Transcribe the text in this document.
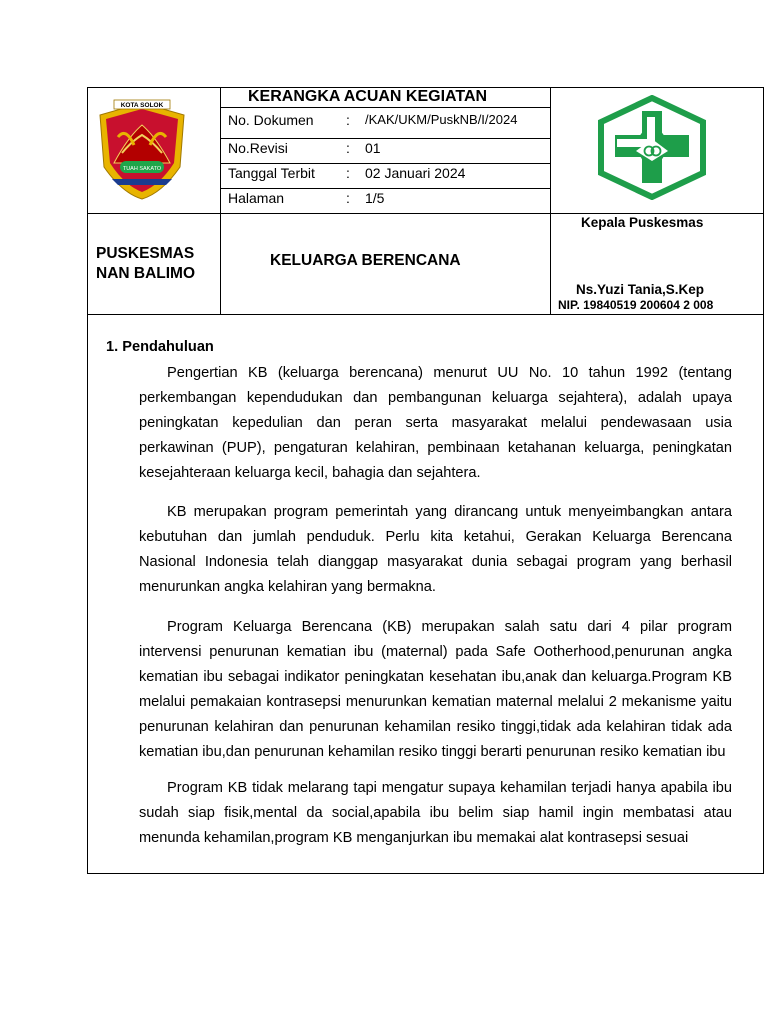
TUAH SAKATO
KOTA SOLOK
KERANGKA ACUAN KEGIATAN
No. Dokumen : /KAK/UKM/PuskNB/I/2024
No.Revisi	: 01
Tanggal Terbit : 02 Januari 2024
Halaman	: 1/5
PUSKESMAS
NAN BALIMO
KELUARGA BERENCANA
Kepala Puskesmas
Ns.Yuzi Tania,S.Kep
NIP. 19840519 200604 2 008
1. Pendahuluan

Pengertian KB (keluarga berencana) menurut UU No. 10 tahun 1992 (tentang perkembangan kependudukan dan pembangunan keluarga sejahtera), adalah upaya peningkatan kepedulian dan peran serta masyarakat melalui pendewasaan usia perkawinan (PUP), pengaturan kelahiran, pembinaan ketahanan keluarga, peningkatan kesejahteraan keluarga kecil, bahagia dan sejahtera.

KB merupakan program pemerintah yang dirancang untuk menyeimbangkan antara kebutuhan dan jumlah penduduk. Perlu kita ketahui, Gerakan Keluarga Berencana Nasional Indonesia telah dianggap masyarakat dunia sebagai program yang berhasil menurunkan angka kelahiran yang bermakna.

Program Keluarga Berencana (KB) merupakan salah satu dari 4 pilar program intervensi penurunan kematian ibu (maternal) pada Safe Ootherhood,penurunan angka kematian ibu sebagai indikator peningkatan kesehatan ibu,anak dan keluarga.Program KB melalui pemakaian kontrasepsi menurunkan kematian maternal melalui 2 mekanisme yaitu penurunan kelahiran dan penurunan kehamilan resiko tinggi,tidak ada kelahiran tidak ada kematian ibu,dan penurunan kehamilan resiko tinggi berarti penurunan resiko kematian ibu

Program KB tidak melarang tapi mengatur supaya kehamilan terjadi hanya apabila ibu sudah siap fisik,mental da social,apabila ibu belim siap hamil ingin membatasi atau menunda kehamilan,program KB menganjurkan ibu memakai alat kontrasepsi sesuai
